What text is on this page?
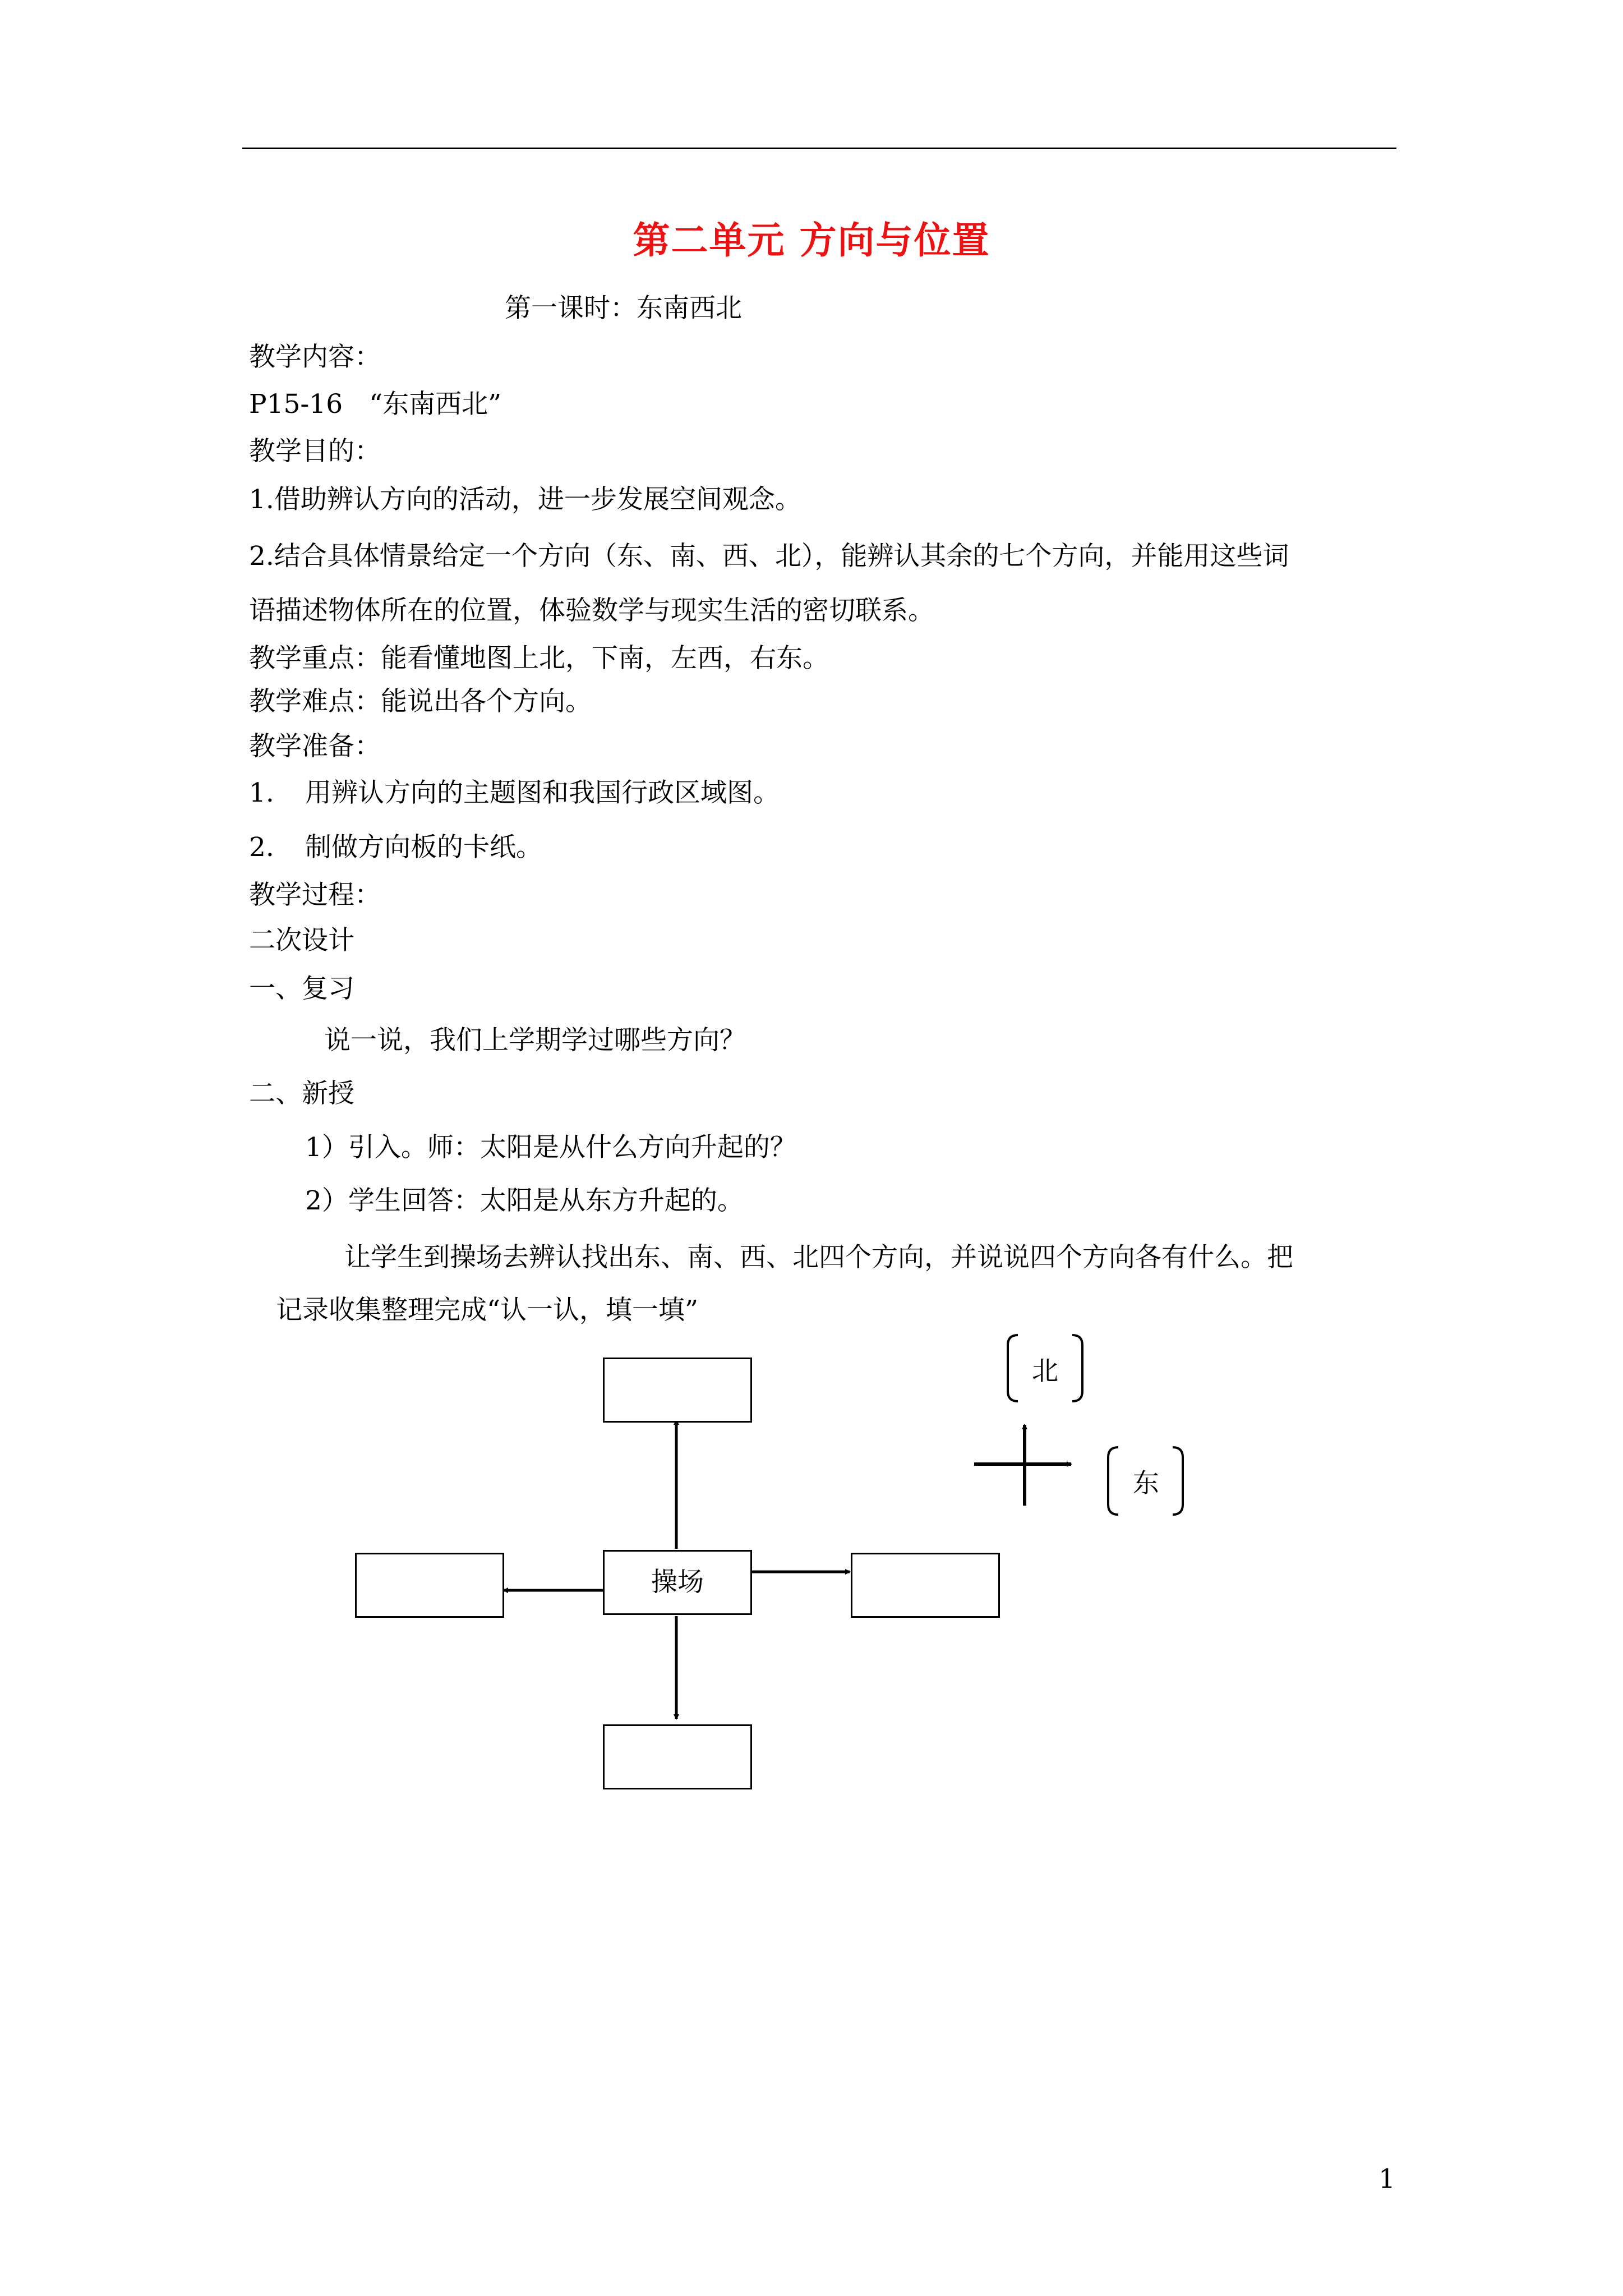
第二单元 方向与位置
第一课时：东南西北
教学内容：
P15-16　“东南西北”
教学目的：
1.借助辨认方向的活动，进一步发展空间观念。
2.结合具体情景给定一个方向（东、南、西、北），能辨认其余的七个方向，并能用这些词
语描述物体所在的位置，体验数学与现实生活的密切联系。
教学重点：能看懂地图上北，下南，左西，右东。
教学难点：能说出各个方向。
教学准备：
1. 用辨认方向的主题图和我国行政区域图。
2. 制做方向板的卡纸。
教学过程：
二次设计
一、复习
说一说，我们上学期学过哪些方向？
二、新授
1）引入。师：太阳是从什么方向升起的？
2）学生回答：太阳是从东方升起的。
让学生到操场去辨认找出东、南、西、北四个方向，并说说四个方向各有什么。把
记录收集整理完成“认一认，填一填”
操场
北
东
1
